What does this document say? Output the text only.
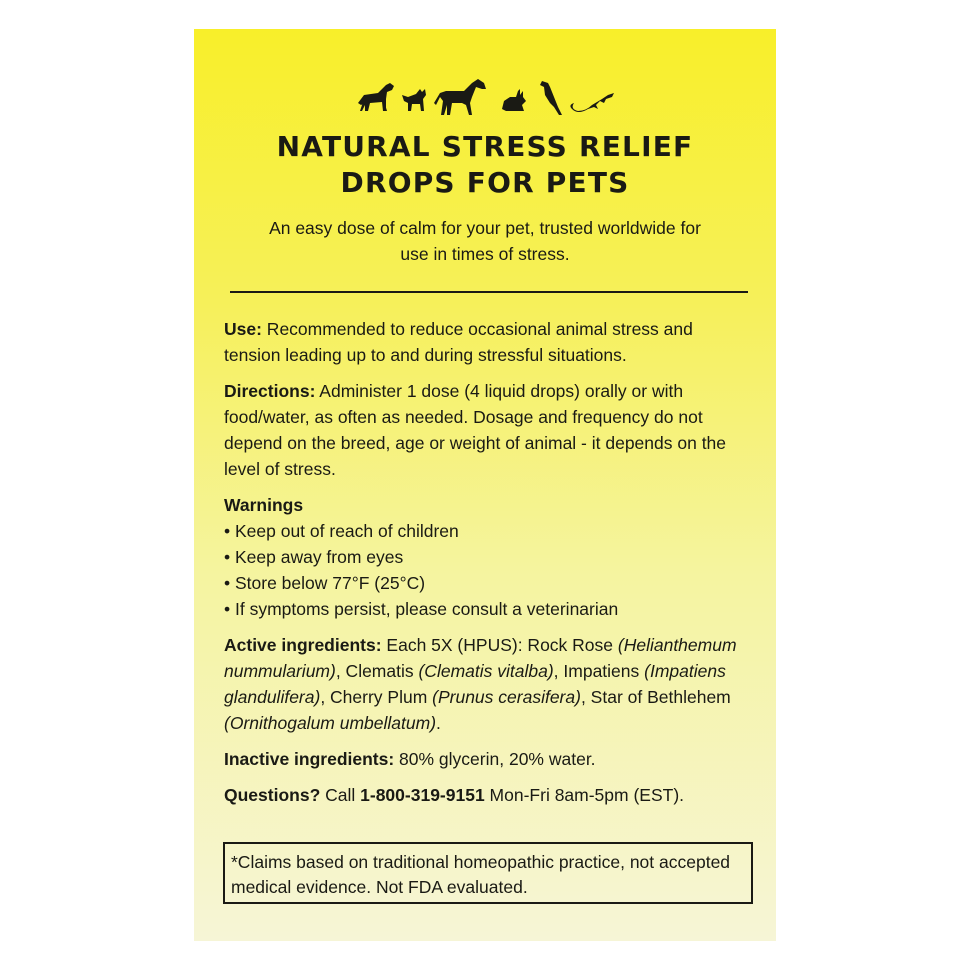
NATURAL STRESS RELIEF
DROPS FOR PETS
An easy dose of calm for your pet, trusted worldwide for
use in times of stress.

Use: Recommended to reduce occasional animal stress and tension leading up to and during stressful situations.

Directions: Administer 1 dose (4 liquid drops) orally or with food/water, as often as needed. Dosage and frequency do not depend on the breed, age or weight of animal - it depends on the level of stress.

Warnings
• Keep out of reach of children
• Keep away from eyes
• Store below 77°F (25°C)
• If symptoms persist, please consult a veterinarian

Active ingredients: Each 5X (HPUS): Rock Rose (Helianthemum nummularium), Clematis (Clematis vitalba), Impatiens (Impatiens glandulifera), Cherry Plum (Prunus cerasifera), Star of Bethlehem (Ornithogalum umbellatum).

Inactive ingredients: 80% glycerin, 20% water.

Questions? Call 1-800-319-9151 Mon-Fri 8am-5pm (EST).

*Claims based on traditional homeopathic practice, not accepted medical evidence. Not FDA evaluated.
